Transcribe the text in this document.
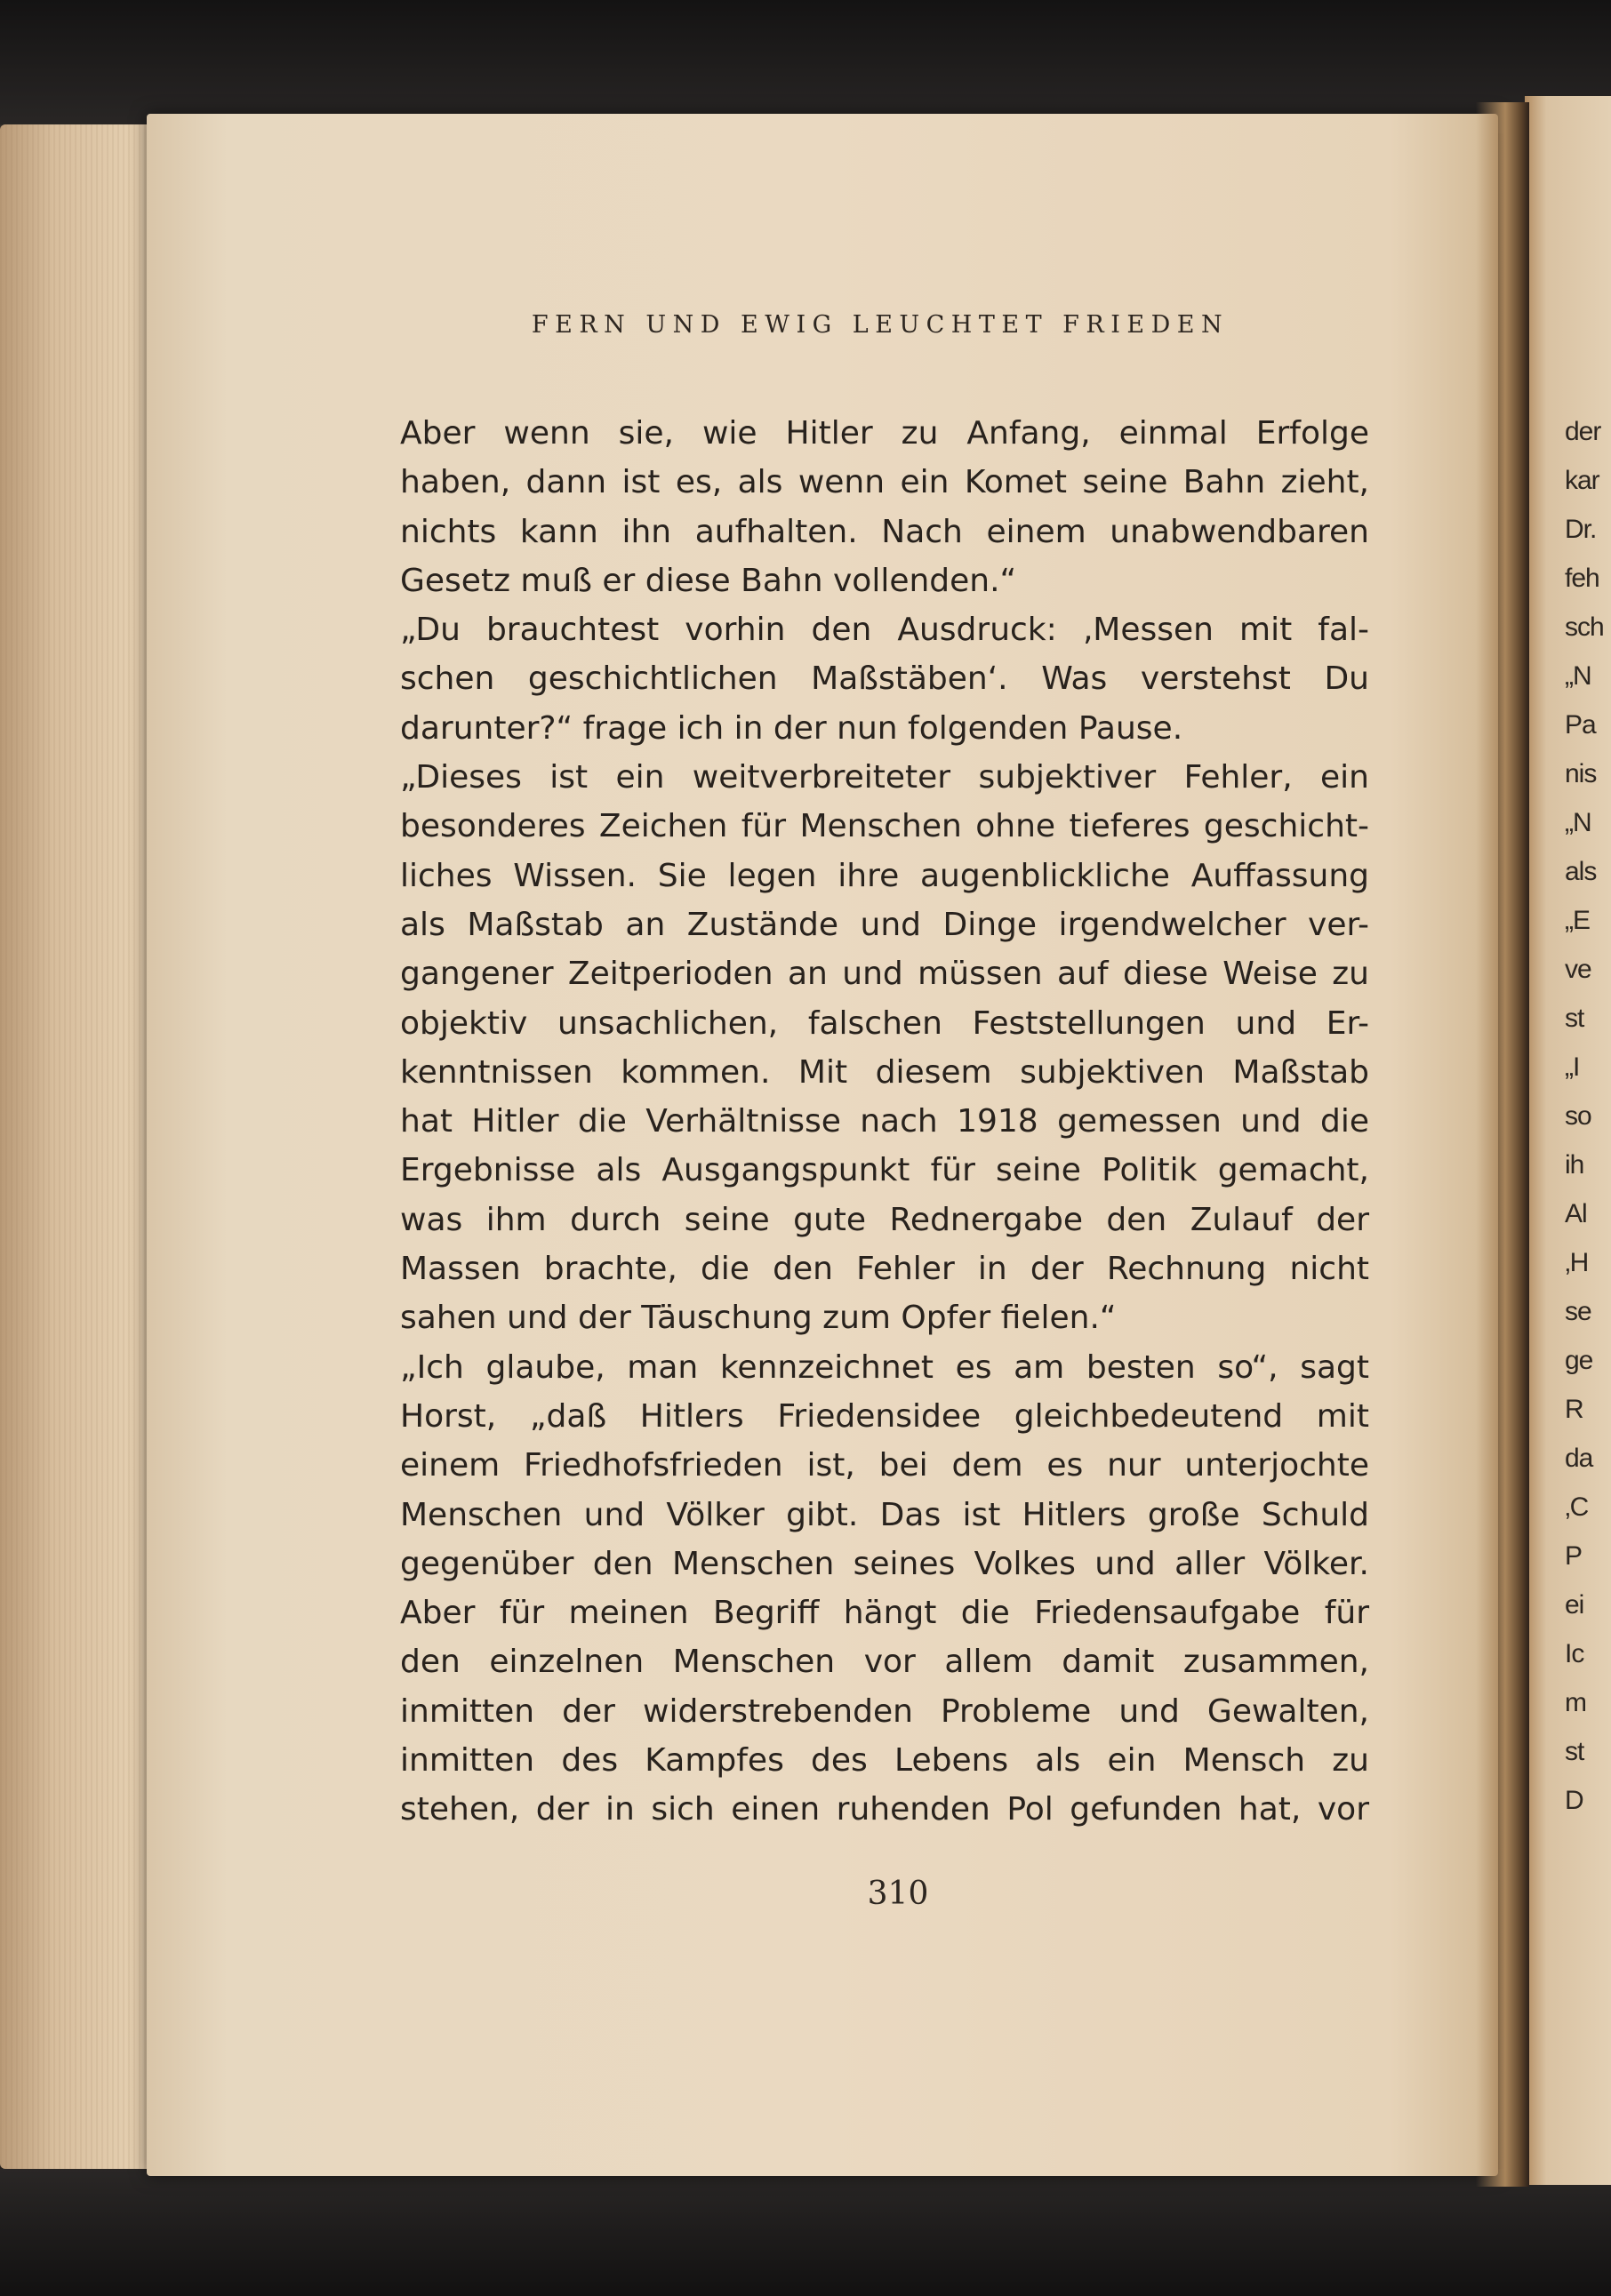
der
kar
Dr.
feh
sch
„N
Pa
nis
„N
als
„E
ve
st
„I
so
ih
Al
‚H
se
ge
R
da
‚C
P
ei
Ic
m
st
D
FERN UND EWIG LEUCHTET FRIEDEN
Aber wenn sie, wie Hitler zu Anfang, einmal Erfolge
haben, dann ist es, als wenn ein Komet seine Bahn zieht,
nichts kann ihn aufhalten. Nach einem unabwendbaren
Gesetz muß er diese Bahn vollenden.“
„Du brauchtest vorhin den Ausdruck: ‚Messen mit fal-
schen geschichtlichen Maßstäben‘. Was verstehst Du
darunter?“ frage ich in der nun folgenden Pause.
„Dieses ist ein weitverbreiteter subjektiver Fehler, ein
besonderes Zeichen für Menschen ohne tieferes geschicht-
liches Wissen. Sie legen ihre augenblickliche Auffassung
als Maßstab an Zustände und Dinge irgendwelcher ver-
gangener Zeitperioden an und müssen auf diese Weise zu
objektiv unsachlichen, falschen Feststellungen und Er-
kenntnissen kommen. Mit diesem subjektiven Maßstab
hat Hitler die Verhältnisse nach 1918 gemessen und die
Ergebnisse als Ausgangspunkt für seine Politik gemacht,
was ihm durch seine gute Rednergabe den Zulauf der
Massen brachte, die den Fehler in der Rechnung nicht
sahen und der Täuschung zum Opfer fielen.“
„Ich glaube, man kennzeichnet es am besten so“, sagt
Horst, „daß Hitlers Friedensidee gleichbedeutend mit
einem Friedhofsfrieden ist, bei dem es nur unterjochte
Menschen und Völker gibt. Das ist Hitlers große Schuld
gegenüber den Menschen seines Volkes und aller Völker.
Aber für meinen Begriff hängt die Friedensaufgabe für
den einzelnen Menschen vor allem damit zusammen,
inmitten der widerstrebenden Probleme und Gewalten,
inmitten des Kampfes des Lebens als ein Mensch zu
stehen, der in sich einen ruhenden Pol gefunden hat, vor
310
